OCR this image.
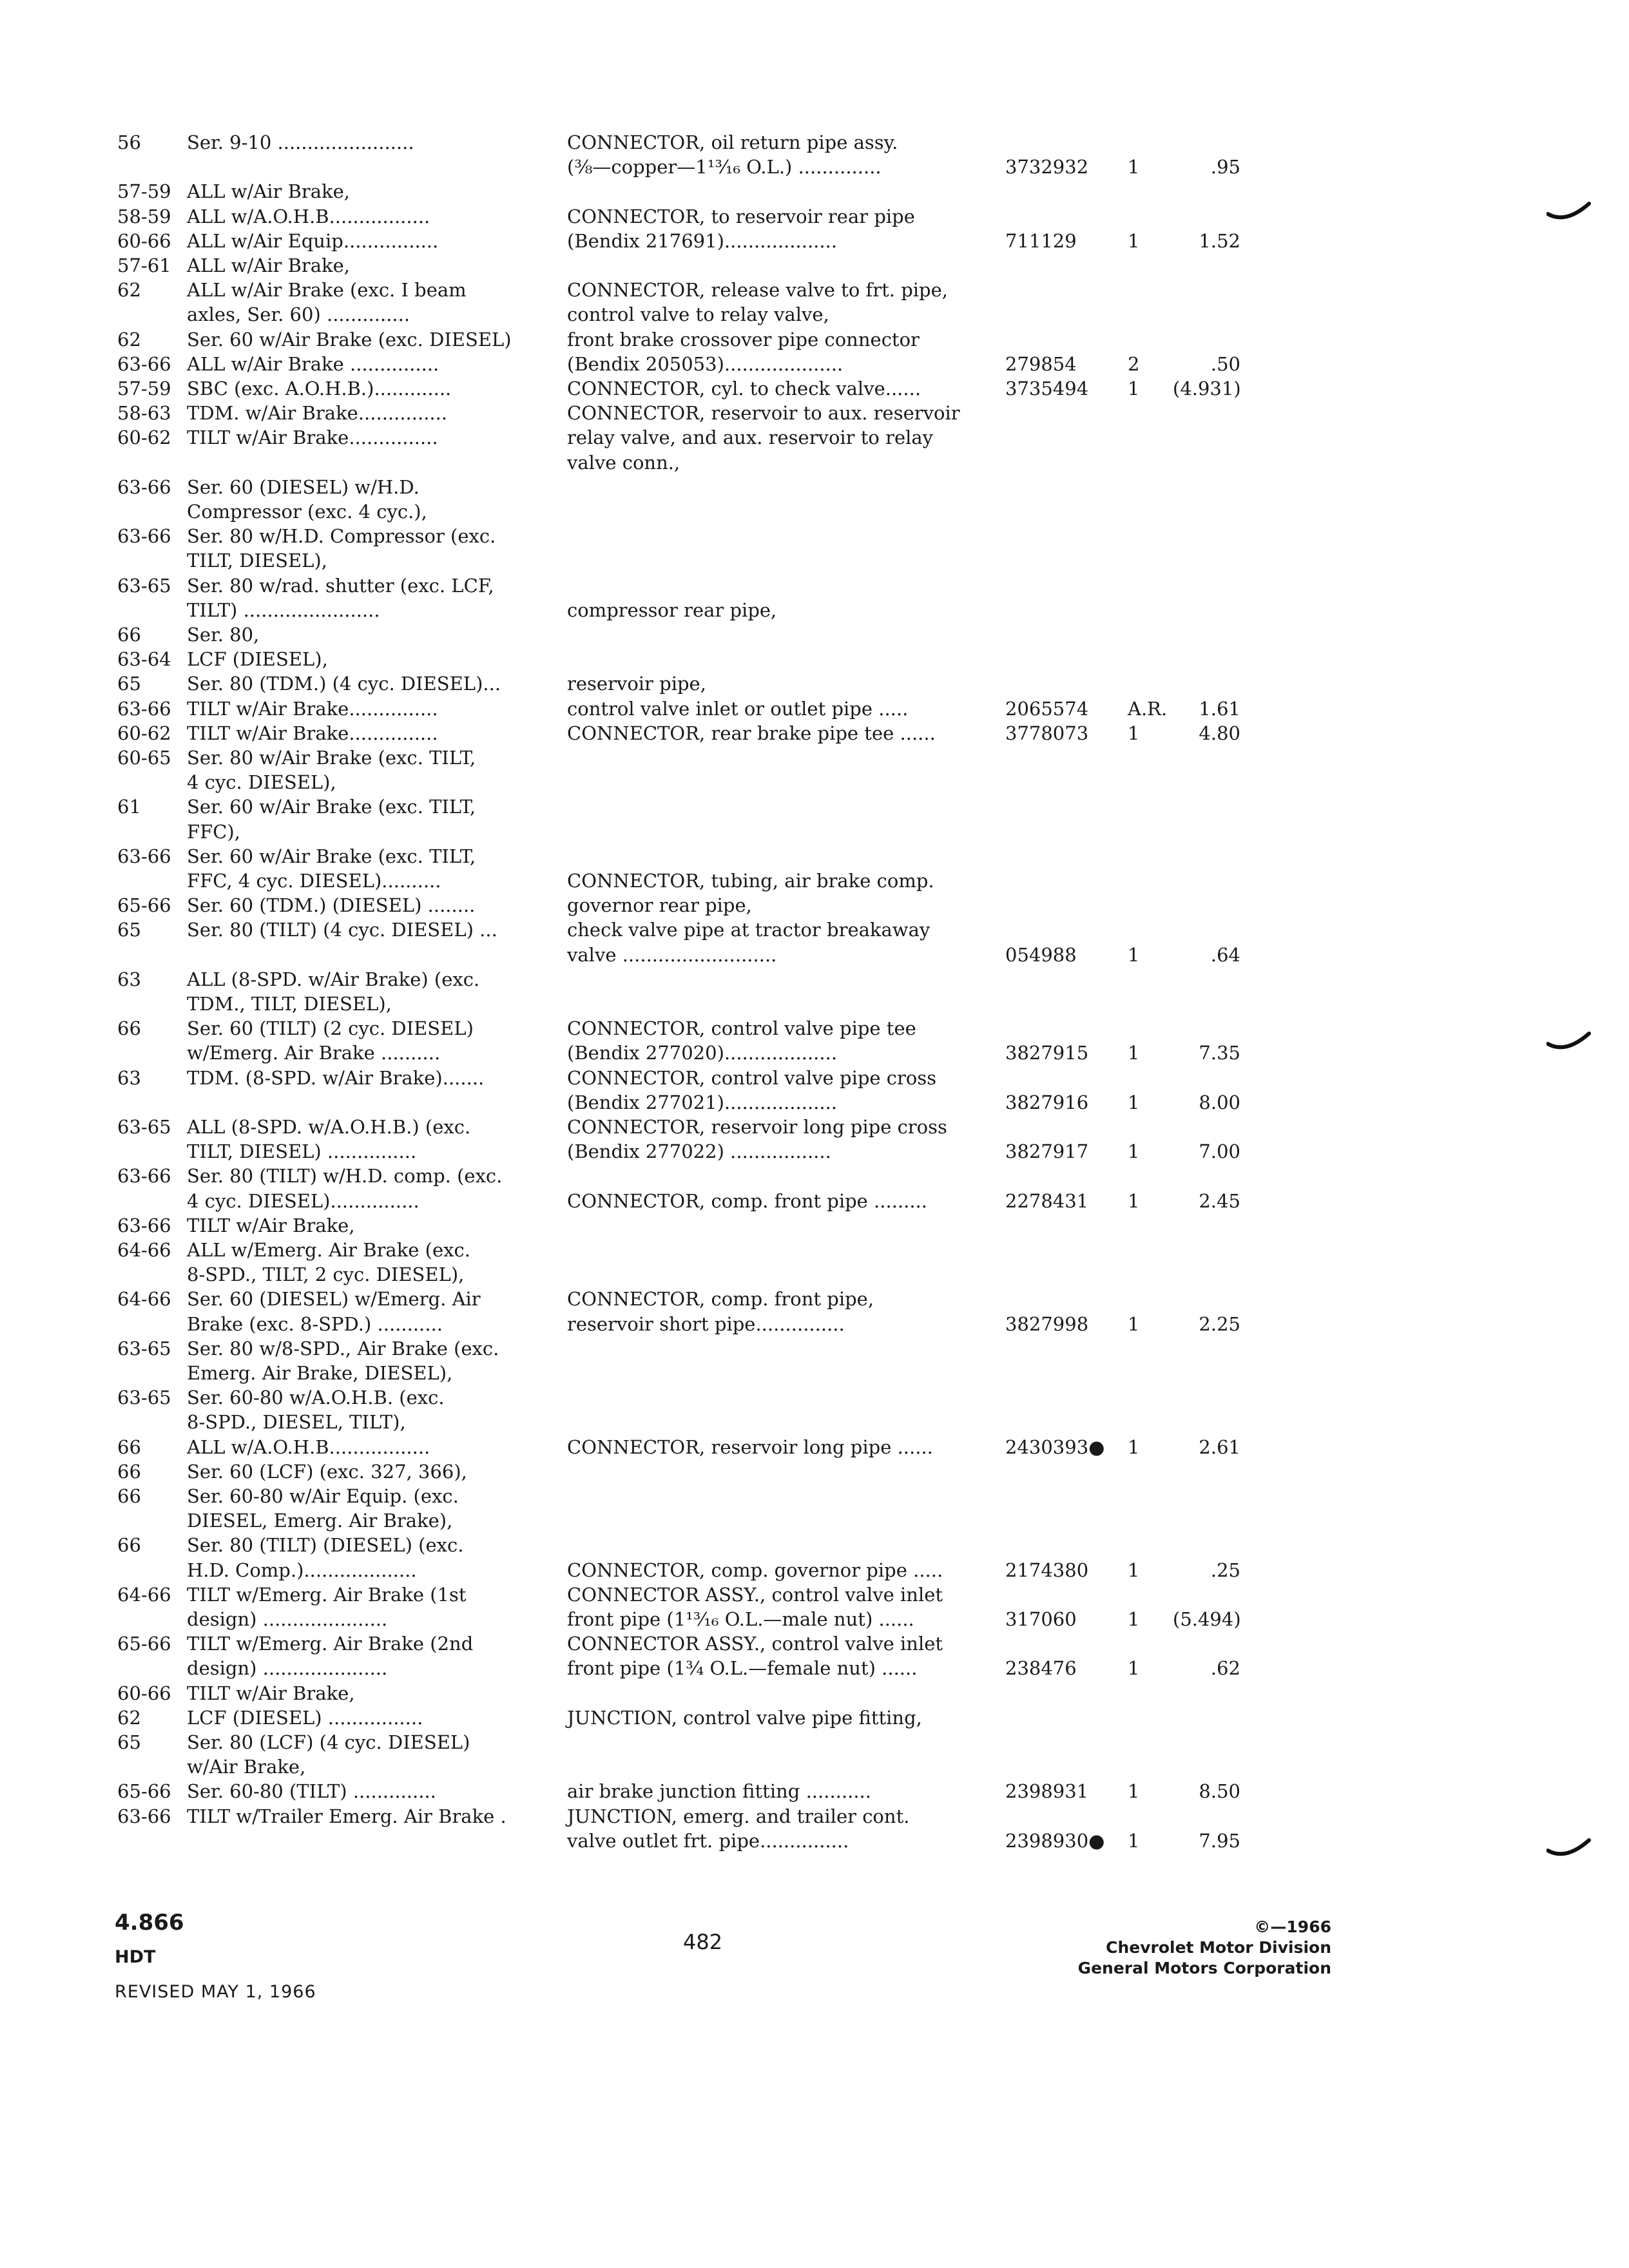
56 Ser. 9-10 .......................	CONNECTOR, oil return pipe assy.
(⅜—copper—1¹³⁄₁₆ O.L.) ..............	3732932 1	.95
57-59 ALL w/Air Brake,
58-59 ALL w/A.O.H.B.................	CONNECTOR, to reservoir rear pipe
60-66 ALL w/Air Equip................	(Bendix 217691)...................	711129	1	1.52
57-61 ALL w/Air Brake,
62 ALL w/Air Brake (exc. I beam	CONNECTOR, release valve to frt. pipe,
axles, Ser. 60) ..............	control valve to relay valve,
62 Ser. 60 w/Air Brake (exc. DIESEL)	front brake crossover pipe connector
63-66 ALL w/Air Brake ...............	(Bendix 205053)....................	279854	2	.50
57-59 SBC (exc. A.O.H.B.).............	CONNECTOR, cyl. to check valve......	3735494 1 (4.931)
58-63 TDM. w/Air Brake...............	CONNECTOR, reservoir to aux. reservoir
60-62 TILT w/Air Brake...............	relay valve, and aux. reservoir to relay
valve conn.,
63-66 Ser. 60 (DIESEL) w/H.D.
Compressor (exc. 4 cyc.),
63-66 Ser. 80 w/H.D. Compressor (exc.
TILT, DIESEL),
63-65 Ser. 80 w/rad. shutter (exc. LCF,
TILT) .......................	compressor rear pipe,
66 Ser. 80,
63-64 LCF (DIESEL),
65 Ser. 80 (TDM.) (4 cyc. DIESEL)...	reservoir pipe,
63-66 TILT w/Air Brake...............	control valve inlet or outlet pipe .....	2065574 A.R.	1.61
60-62 TILT w/Air Brake...............	CONNECTOR, rear brake pipe tee ......	3778073 1	4.80
60-65 Ser. 80 w/Air Brake (exc. TILT,
4 cyc. DIESEL),
61 Ser. 60 w/Air Brake (exc. TILT,
FFC),
63-66 Ser. 60 w/Air Brake (exc. TILT,
FFC, 4 cyc. DIESEL)..........	CONNECTOR, tubing, air brake comp.
65-66 Ser. 60 (TDM.) (DIESEL) ........	governor rear pipe,
65 Ser. 80 (TILT) (4 cyc. DIESEL) ...	check valve pipe at tractor breakaway
valve ..........................	054988	1	.64
63 ALL (8-SPD. w/Air Brake) (exc.
TDM., TILT, DIESEL),
66 Ser. 60 (TILT) (2 cyc. DIESEL)	CONNECTOR, control valve pipe tee
w/Emerg. Air Brake ..........	(Bendix 277020)...................	3827915 1	7.35
63 TDM. (8-SPD. w/Air Brake).......	CONNECTOR, control valve pipe cross
(Bendix 277021)...................	3827916 1	8.00
63-65 ALL (8-SPD. w/A.O.H.B.) (exc.	CONNECTOR, reservoir long pipe cross
TILT, DIESEL) ...............	(Bendix 277022) .................	3827917 1	7.00
63-66 Ser. 80 (TILT) w/H.D. comp. (exc.
4 cyc. DIESEL)...............	CONNECTOR, comp. front pipe .........	2278431 1	2.45
63-66 TILT w/Air Brake,
64-66 ALL w/Emerg. Air Brake (exc.
8-SPD., TILT, 2 cyc. DIESEL),
64-66 Ser. 60 (DIESEL) w/Emerg. Air	CONNECTOR, comp. front pipe,
Brake (exc. 8-SPD.) ...........	reservoir short pipe...............	3827998 1	2.25
63-65 Ser. 80 w/8-SPD., Air Brake (exc.
Emerg. Air Brake, DIESEL),
63-65 Ser. 60-80 w/A.O.H.B. (exc.
8-SPD., DIESEL, TILT),
66 ALL w/A.O.H.B.................	CONNECTOR, reservoir long pipe ......	2430393● 1	2.61
66 Ser. 60 (LCF) (exc. 327, 366),
66 Ser. 60-80 w/Air Equip. (exc.
DIESEL, Emerg. Air Brake),
66 Ser. 80 (TILT) (DIESEL) (exc.
H.D. Comp.)...................	CONNECTOR, comp. governor pipe .....	2174380 1	.25
64-66 TILT w/Emerg. Air Brake (1st	CONNECTOR ASSY., control valve inlet
design) .....................	front pipe (1¹³⁄₁₆ O.L.—male nut) ......	317060	1 (5.494)
65-66 TILT w/Emerg. Air Brake (2nd	CONNECTOR ASSY., control valve inlet
design) .....................	front pipe (1¾ O.L.—female nut) ......	238476	1	.62
60-66 TILT w/Air Brake,
62 LCF (DIESEL) ................	JUNCTION, control valve pipe fitting,
65 Ser. 80 (LCF) (4 cyc. DIESEL)
w/Air Brake,
65-66 Ser. 60-80 (TILT) ..............	air brake junction fitting ...........	2398931 1	8.50
63-66 TILT w/Trailer Emerg. Air Brake .	JUNCTION, emerg. and trailer cont.
valve outlet frt. pipe...............	2398930● 1	7.95
4.866
HDT
REVISED MAY 1, 1966
482
©—1966
Chevrolet Motor Division
General Motors Corporation
